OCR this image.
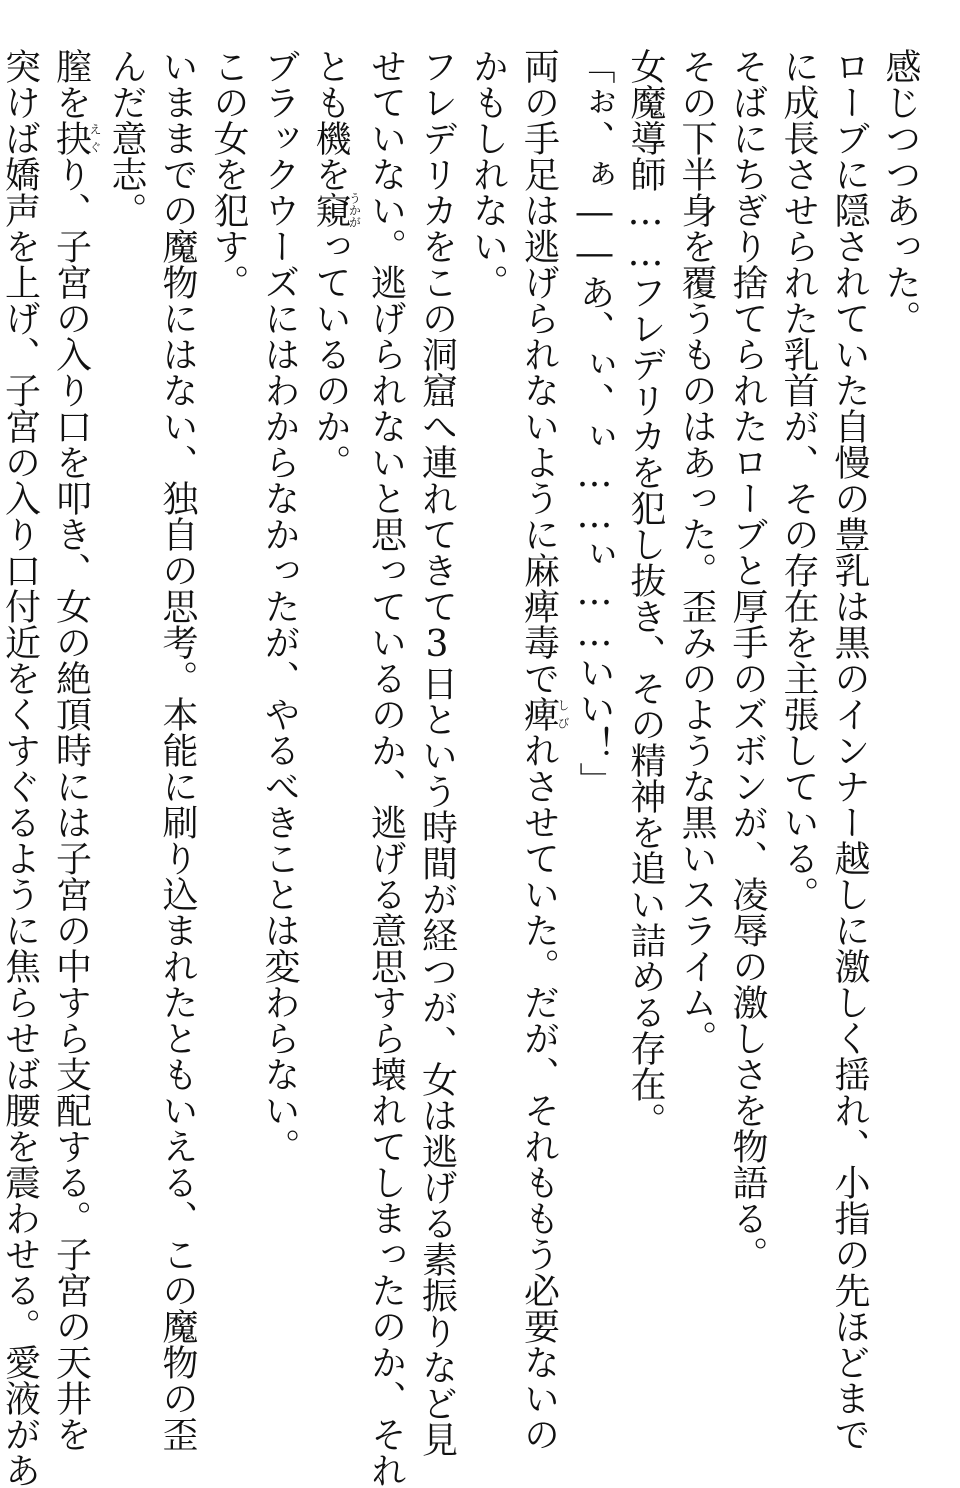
感じつつあった。

ローブに隠されていた自慢の豊乳は黒のインナー越しに激しく揺れ、小指の先ほどまで

に成長させられた乳首が、その存在を主張している。

そばにちぎり捨てられたローブと厚手のズボンが、凌辱の激しさを物語る。

その下半身を覆うものはあった。歪みのような黒いスライム。

女魔導師……フレデリカを犯し抜き、その精神を追い詰める存在。

「ぉ、ぁ――あ、ぃ、ぃ……ぃ……いい！」

両の手足は逃げられないように麻痺毒で痺しびれさせていた。だが、それももう必要ないの

かもしれない。

フレデリカをこの洞窟へ連れてきて3日という時間が経つが、女は逃げる素振りなど見

せていない。逃げられないと思っているのか、逃げる意思すら壊れてしまったのか、それ

とも機を窺うかがっているのか。

ブラックウーズにはわからなかったが、やるべきことは変わらない。

この女を犯す。

いままでの魔物にはない、独自の思考。本能に刷り込まれたともいえる、この魔物の歪

んだ意志。

膣を抉えぐり、子宮の入り口を叩き、女の絶頂時には子宮の中すら支配する。子宮の天井を

突けば嬌声を上げ、子宮の入り口付近をくすぐるように焦らせば腰を震わせる。愛液があ
